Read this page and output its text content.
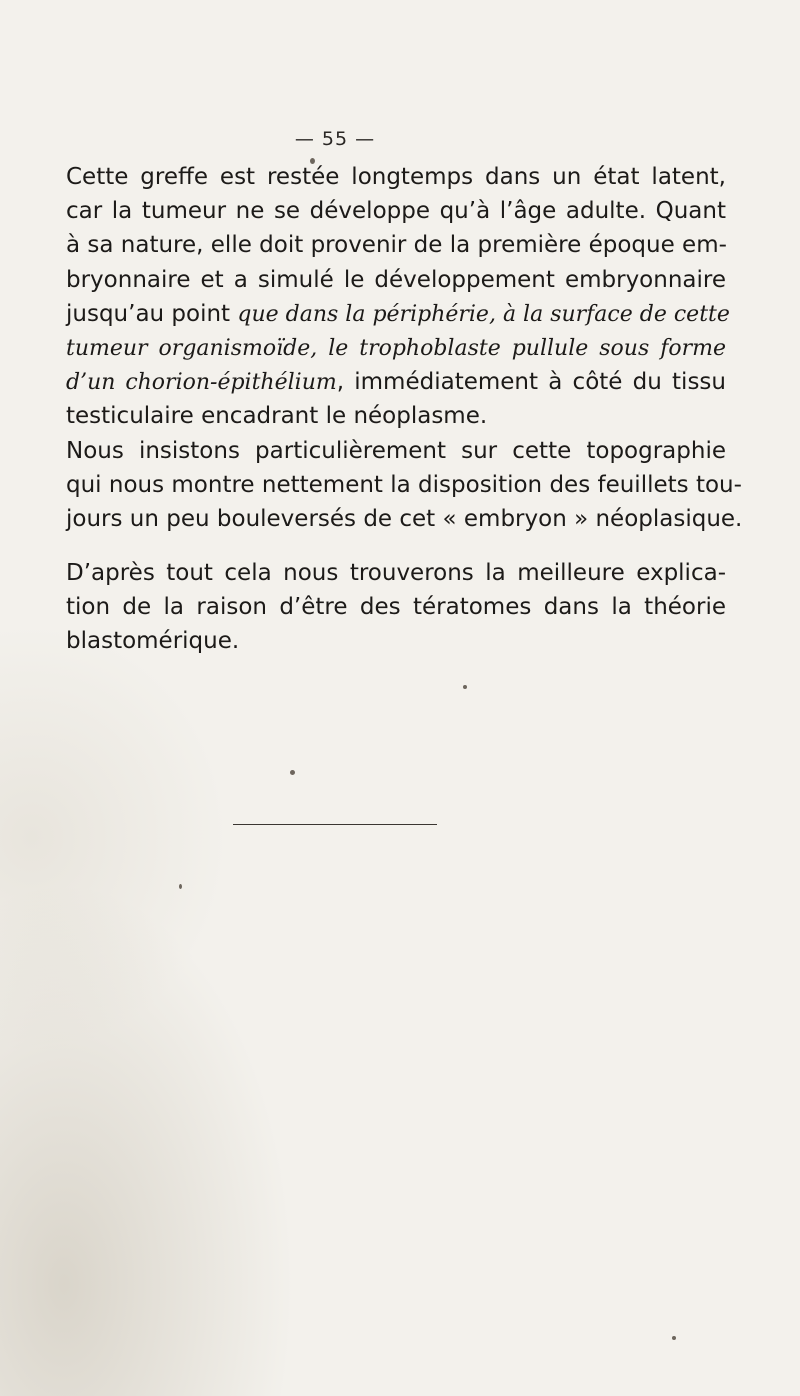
— 55 —
Cette greffe est restée longtemps dans un état latent,
car la tumeur ne se développe qu’à l’âge adulte. Quant
à sa nature, elle doit provenir de la première époque em-
bryonnaire et a simulé le développement embryonnaire
jusqu’au point que dans la périphérie, à la surface de cette
tumeur organismoïde, le trophoblaste pullule sous forme
d’un chorion-épithélium, immédiatement à côté du tissu
testiculaire encadrant le néoplasme.
Nous insistons particulièrement sur cette topographie
qui nous montre nettement la disposition des feuillets tou-
jours un peu bouleversés de cet « embryon » néoplasique.
D’après tout cela nous trouverons la meilleure explica-
tion de la raison d’être des tératomes dans la théorie
blastomérique.
